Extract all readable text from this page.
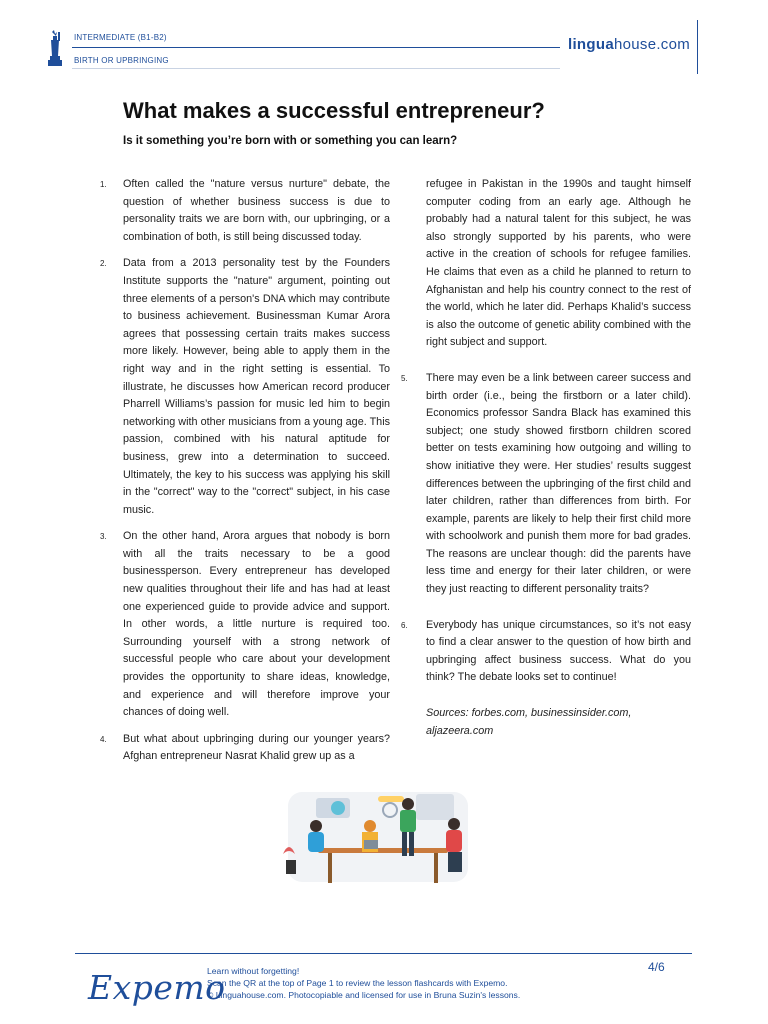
INTERMEDIATE (B1-B2)
BIRTH OR UPBRINGING
linguahouse.com
What makes a successful entrepreneur?

Is it something you’re born with or something you can learn?

1. Often called the "nature versus nurture" debate, the question of whether business success is due to personality traits we are born with, our upbringing, or a combination of both, is still being discussed today.
2. Data from a 2013 personality test by the Founders Institute supports the "nature" argument, pointing out three elements of a person's DNA which may contribute to business achievement. Businessman Kumar Arora agrees that possessing certain traits makes success more likely. However, being able to apply them in the right way and in the right setting is essential. To illustrate, he discusses how American record producer Pharrell Williams’s passion for music led him to begin networking with other musicians from a young age. This passion, combined with his natural aptitude for business, grew into a determination to succeed. Ultimately, the key to his success was applying his skill in the "correct" way to the "correct" subject, in his case music.
3. On the other hand, Arora argues that nobody is born with all the traits necessary to be a good businessperson. Every entrepreneur has developed new qualities throughout their life and has had at least one experienced guide to provide advice and support. In other words, a little nurture is required too. Surrounding yourself with a strong network of successful people who care about your development provides the opportunity to share ideas, knowledge, and experience and will therefore improve your chances of doing well.
4. But what about upbringing during our younger years? Afghan entrepreneur Nasrat Khalid grew up as a

refugee in Pakistan in the 1990s and taught himself computer coding from an early age. Although he probably had a natural talent for this subject, he was also strongly supported by his parents, who were active in the creation of schools for refugee families. He claims that even as a child he planned to return to Afghanistan and help his country connect to the rest of the world, which he later did. Perhaps Khalid’s success is also the outcome of genetic ability combined with the right subject and support.

5. There may even be a link between career success and birth order (i.e., being the firstborn or a later child). Economics professor Sandra Black has examined this subject; one study showed firstborn children scored better on tests examining how outgoing and willing to show initiative they were. Her studies’ results suggest differences between the upbringing of the first child and later children, rather than differences from birth. For example, parents are likely to help their first child more with schoolwork and punish them more for bad grades. The reasons are unclear though: did the parents have less time and energy for their later children, or were they just reacting to different personality traits?
6. Everybody has unique circumstances, so it’s not easy to find a clear answer to the question of how birth and upbringing affect business success. What do you think? The debate looks set to continue!

Sources: forbes.com, businessinsider.com, aljazeera.com

Expemo
Learn without forgetting!
Scan the QR at the top of Page 1 to review the lesson flashcards with Expemo.
© Linguahouse.com. Photocopiable and licensed for use in Bruna Suzin's lessons.
4/6
